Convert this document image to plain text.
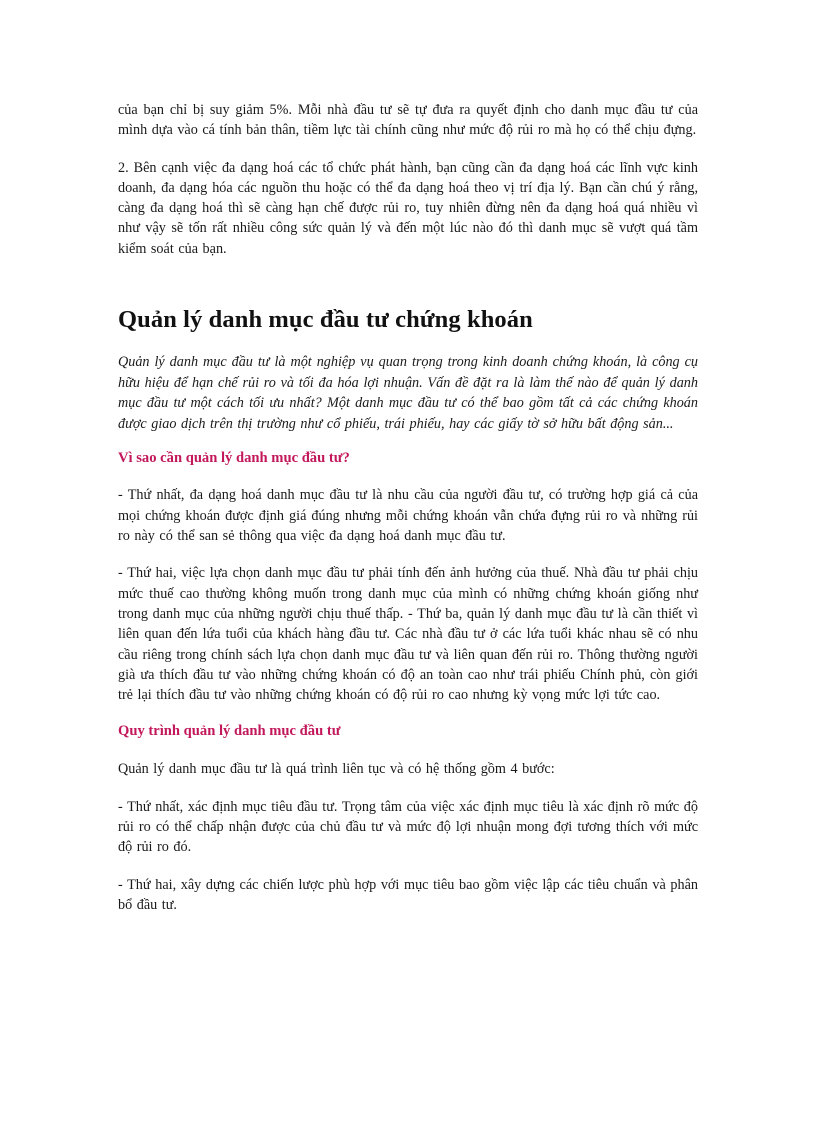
của bạn chỉ bị suy giảm 5%. Mỗi nhà đầu tư sẽ tự đưa ra quyết định cho danh mục đầu tư của mình dựa vào cá tính bản thân, tiềm lực tài chính cũng như mức độ rủi ro mà họ có thể chịu đựng.

2. Bên cạnh việc đa dạng hoá các tổ chức phát hành, bạn cũng cần đa dạng hoá các lĩnh vực kinh doanh, đa dạng hóa các nguồn thu hoặc có thể đa dạng hoá theo vị trí địa lý. Bạn cần chú ý rằng, càng đa dạng hoá thì sẽ càng hạn chế được rủi ro, tuy nhiên đừng nên đa dạng hoá quá nhiều vì như vậy sẽ tốn rất nhiều công sức quản lý và đến một lúc nào đó thì danh mục sẽ vượt quá tầm kiểm soát của bạn.

Quản lý danh mục đầu tư chứng khoán

Quản lý danh mục đầu tư là một nghiệp vụ quan trọng trong kinh doanh chứng khoán, là công cụ hữu hiệu để hạn chế rủi ro và tối đa hóa lợi nhuận. Vấn đề đặt ra là làm thế nào để quản lý danh mục đầu tư một cách tối ưu nhất? Một danh mục đầu tư có thể bao gồm tất cả các chứng khoán được giao dịch trên thị trường như cổ phiếu, trái phiếu, hay các giấy tờ sở hữu bất động sản...

Vì sao cần quản lý danh mục đầu tư?

- Thứ nhất, đa dạng hoá danh mục đầu tư là nhu cầu của người đầu tư, có trường hợp giá cả của mọi chứng khoán được định giá đúng nhưng mỗi chứng khoán vẫn chứa đựng rủi ro và những rủi ro này có thể san sẻ thông qua việc đa dạng hoá danh mục đầu tư.

- Thứ hai, việc lựa chọn danh mục đầu tư phải tính đến ảnh hưởng của thuế. Nhà đầu tư phải chịu mức thuế cao thường không muốn trong danh mục của mình có những chứng khoán giống như trong danh mục của những người chịu thuế thấp. - Thứ ba, quản lý danh mục đầu tư là cần thiết vì liên quan đến lứa tuổi của khách hàng đầu tư. Các nhà đầu tư ở các lứa tuổi khác nhau sẽ có nhu cầu riêng trong chính sách lựa chọn danh mục đầu tư và liên quan đến rủi ro. Thông thường người già ưa thích đầu tư vào những chứng khoán có độ an toàn cao như trái phiếu Chính phủ, còn giới trẻ lại thích đầu tư vào những chứng khoán có độ rủi ro cao nhưng kỳ vọng mức lợi tức cao.

Quy trình quản lý danh mục đầu tư

Quản lý danh mục đầu tư là quá trình liên tục và có hệ thống gồm 4 bước:

- Thứ nhất, xác định mục tiêu đầu tư. Trọng tâm của việc xác định mục tiêu là xác định rõ mức độ rủi ro có thể chấp nhận được của chủ đầu tư và mức độ lợi nhuận mong đợi tương thích với mức độ rủi ro đó.

- Thứ hai, xây dựng các chiến lược phù hợp với mục tiêu bao gồm việc lập các tiêu chuẩn và phân bổ đầu tư.
